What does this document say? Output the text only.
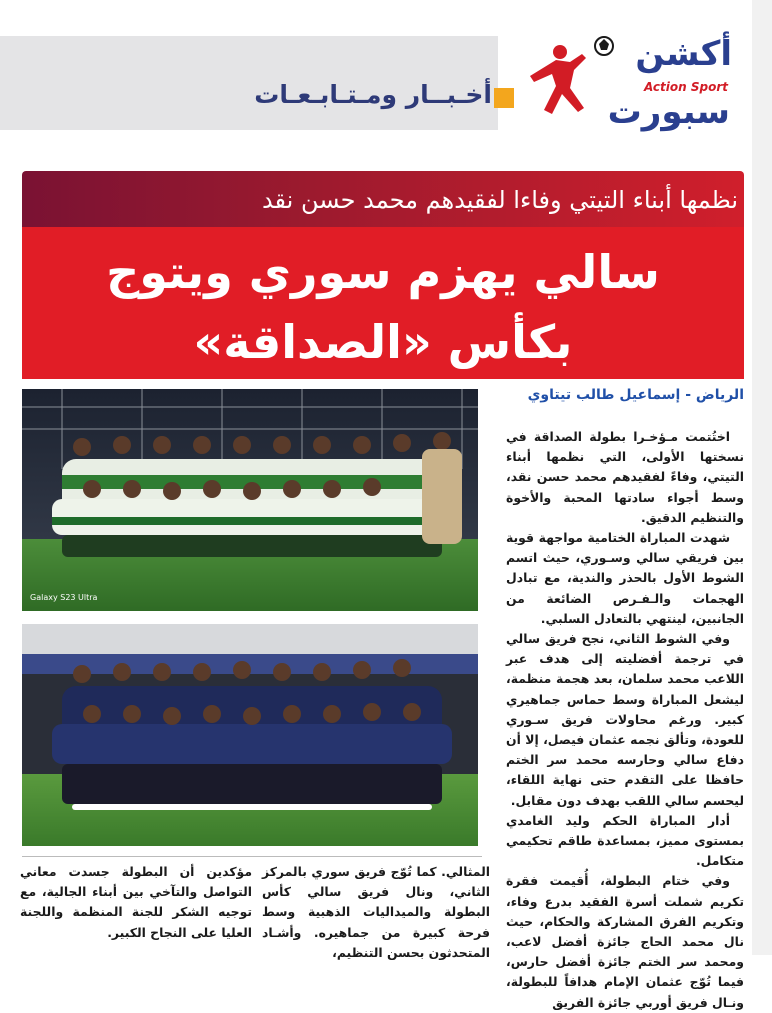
أخـبــار ومـتـابـعـات
أكشن
Action Sport
سبورت
نظمها أبناء التيتي وفاءا لفقيدهم محمد حسن نقد
سالي يهزم سوري ويتوج
بكأس «الصداقة»
Galaxy S23 Ultra
الرياض - إسماعيل طالب تيتاوي

اختُتمت مـؤخـرا بطولة الصداقة في نسختها الأولى، التي نظمها أبناء التيتي، وفاءً لفقيدهم محمد حسن نقد، وسط أجواء سادتها المحبة والأخوة والتنظيم الدقيق.

شهدت المباراة الختامية مواجهة قوية بين فريقي سالي وسـوري، حيث اتسم الشوط الأول بالحذر والندية، مع تبادل الهجمات والـفـرص الضائعة من الجانبين، لينتهي بالتعادل السلبي.

وفي الشوط الثاني، نجح فريق سالي في ترجمة أفضليته إلى هدف عبر اللاعب محمد سلمان، بعد هجمة منظمة، ليشعل المباراة وسط حماس جماهيري كبير. ورغم محاولات فريق سـوري للعودة، وتألق نجمه عثمان فيصل، إلا أن دفاع سالي وحارسه محمد سر الختم حافظا على التقدم حتى نهاية اللقاء، ليحسم سالي اللقب بهدف دون مقابل.

أدار المباراة الحكم وليد الغامدي بمستوى مميز، بمساعدة طاقم تحكيمي متكامل.

وفي ختام البطولة، أُقيمت فقرة تكريم شملت أسرة الفقيد بدرع وفاء، وتكريم الفرق المشاركة والحكام، حيث نال محمد الحاج جائزة أفضل لاعب، ومحمد سر الختم جائزة أفضل حارس، فيما تُوّج عثمان الإمام هدافاً للبطولة، ونـال فريق أوربي جائزة الفريق

المثالي. كما تُوّج فريق سوري بالمركز الثاني، ونال فريق سالي كأس البطولة والميداليات الذهبية وسط فرحة كبيرة من جماهيره. وأشـاد المتحدثون بحسن التنظيم،
مؤكدين أن البطولة جسدت معاني التواصل والتآخي بين أبناء الجالية، مع توجيه الشكر للجنة المنظمة واللجنة العليا على النجاح الكبير.
